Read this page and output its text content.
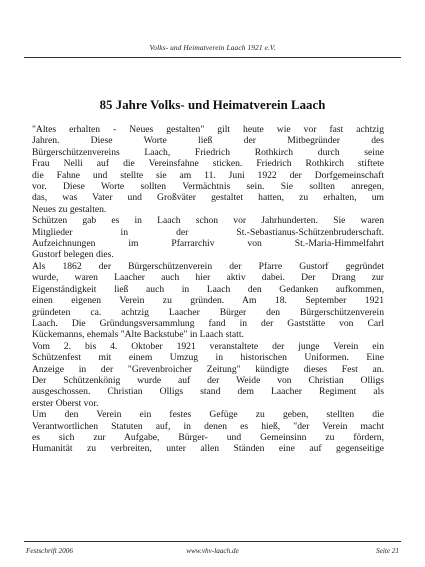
Volks- und Heimatverein Laach 1921 e.V.
85 Jahre Volks- und Heimatverein Laach
"Altes erhalten - Neues gestalten" gilt heute wie vor fast achtzig
Jahren. Diese Worte ließ der Mitbegründer des
Bürgerschützenvereins Laach, Friedrich Rothkirch durch seine
Frau Nelli auf die Vereinsfahne sticken. Friedrich Rothkirch stiftete
die Fahne und stellte sie am 11. Juni 1922 der Dorfgemeinschaft
vor. Diese Worte sollten Vermächtnis sein. Sie sollten anregen,
das, was Vater und Großväter gestaltet hatten, zu erhalten, um
Neues zu gestalten.
Schützen gab es in Laach schon vor Jahrhunderten. Sie waren
Mitglieder in der St.-Sebastianus-Schützenbruderschaft.
Aufzeichnungen im Pfarrarchiv von St.-Maria-Himmelfahrt
Gustorf belegen dies.
Als 1862 der Bürgerschützenverein der Pfarre Gustorf gegründet
wurde, waren Laacher auch hier aktiv dabei. Der Drang zur
Eigenständigkeit ließ auch in Laach den Gedanken aufkommen,
einen eigenen Verein zu gründen. Am 18. September 1921
gründeten ca. achtzig Laacher Bürger den Bürgerschützenverein
Laach. Die Gründungsversammlung fand in der Gaststätte von Carl
Kückemanns, ehemals "Alte Backstube" in Laach statt.
Vom 2. bis 4. Oktober 1921 veranstaltete der junge Verein ein
Schützenfest mit einem Umzug in historischen Uniformen. Eine
Anzeige in der "Grevenbroicher Zeitung" kündigte dieses Fest an.
Der Schützenkönig wurde auf der Weide von Christian Olligs
ausgeschossen. Christian Olligs stand dem Laacher Regiment als
erster Oberst vor.
Um den Verein ein festes Gefüge zu geben, stellten die
Verantwortlichen Statuten auf, in denen es hieß, "der Verein macht
es sich zur Aufgabe, Bürger- und Gemeinsinn zu fördern,
Humanität zu verbreiten, unter allen Ständen eine auf gegenseitige
Festschrift 2006	www.vhv-laach.de	Seite 21
